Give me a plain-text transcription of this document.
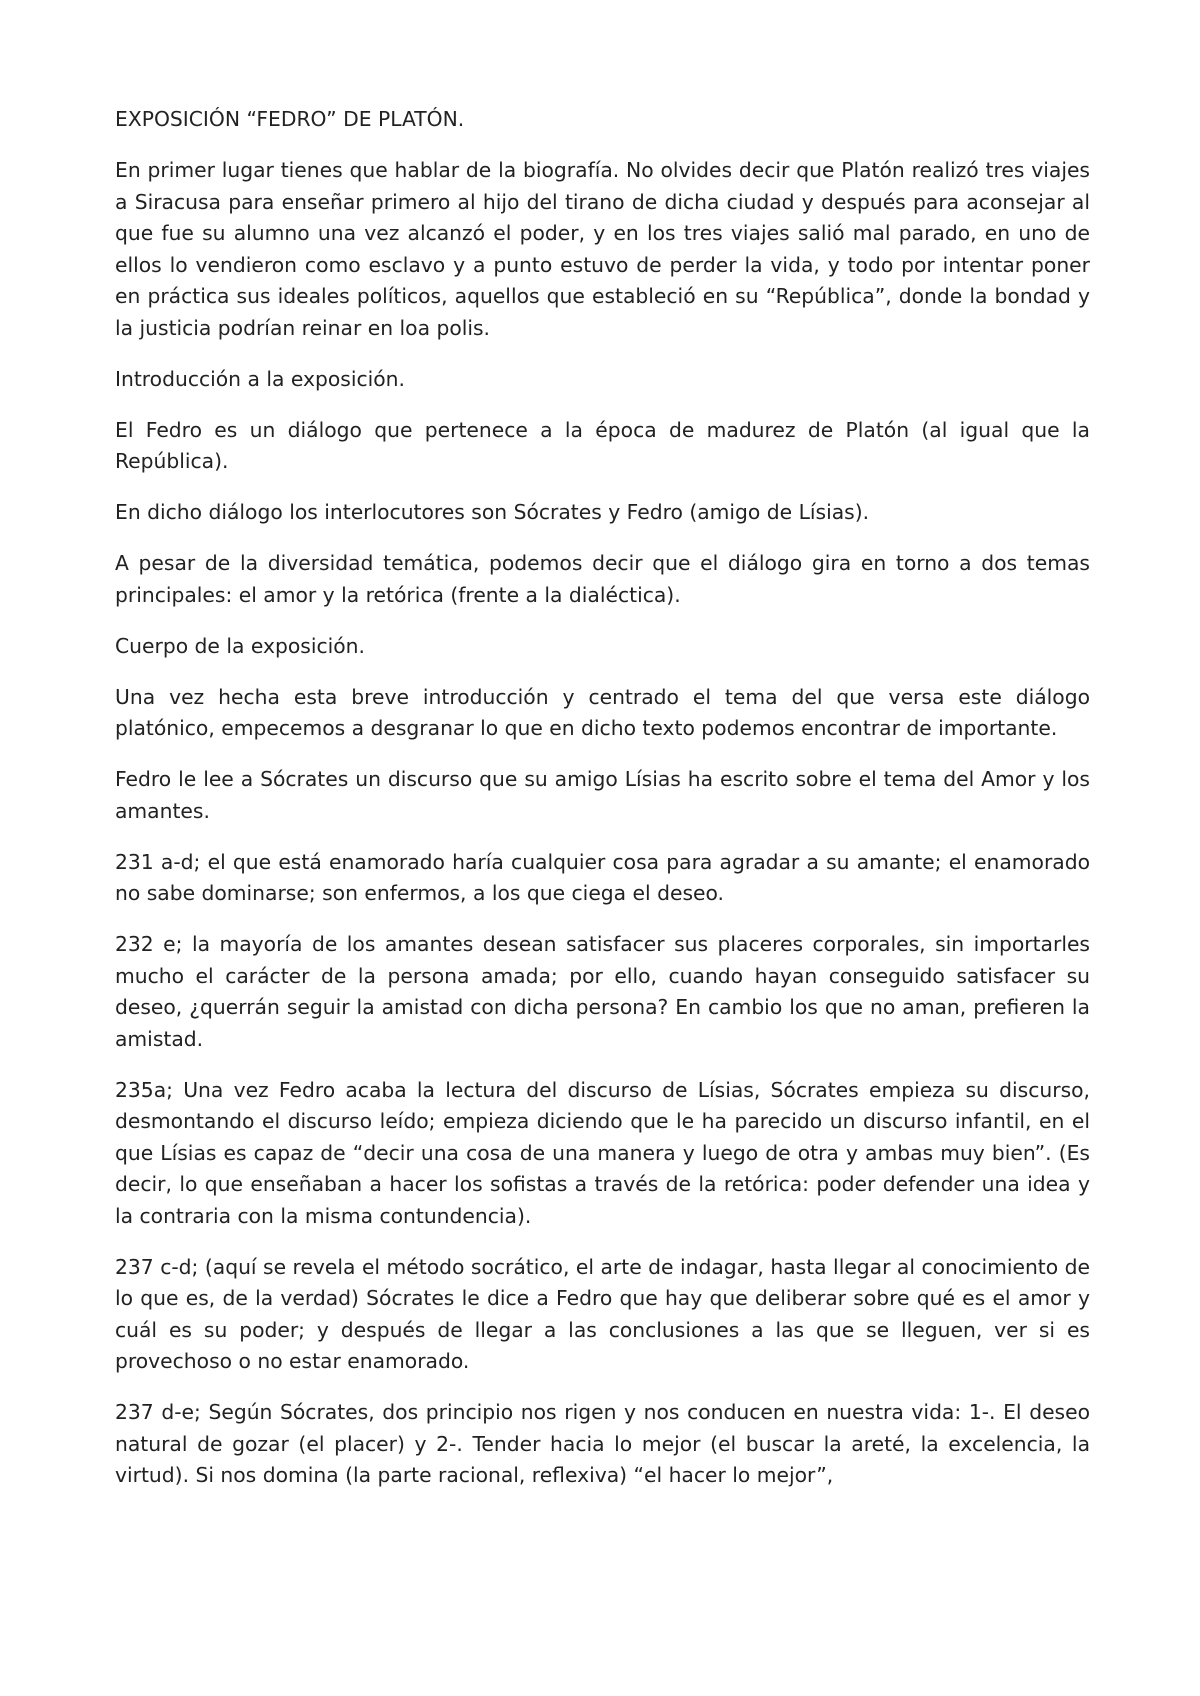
EXPOSICIÓN “FEDRO” DE PLATÓN.

En primer lugar tienes que hablar de la biografía. No olvides decir que Platón realizó tres viajes a Siracusa para enseñar primero al hijo del tirano de dicha ciudad y después para aconsejar al que fue su alumno una vez alcanzó el poder, y en los tres viajes salió mal parado, en uno de ellos lo vendieron como esclavo y a punto estuvo de perder la vida, y todo por intentar poner en práctica sus ideales políticos, aquellos que estableció en su “República”, donde la bondad y la justicia podrían reinar en loa polis.

Introducción a la exposición.

El Fedro es un diálogo que pertenece a la época de madurez de Platón (al igual que la República).

En dicho diálogo los interlocutores son Sócrates y Fedro (amigo de Lísias).

A pesar de la diversidad temática, podemos decir que el diálogo gira en torno a dos temas principales: el amor y la retórica (frente a la dialéctica).

Cuerpo de la exposición.

Una vez hecha esta breve introducción y centrado el tema del que versa este diálogo platónico, empecemos a desgranar lo que en dicho texto podemos encontrar de importante.

Fedro le lee a Sócrates un discurso que su amigo Lísias ha escrito sobre el tema del Amor y los amantes.

231 a-d; el que está enamorado haría cualquier cosa para agradar a su amante; el enamorado no sabe dominarse; son enfermos, a los que ciega el deseo.

232 e; la mayoría de los amantes desean satisfacer sus placeres corporales, sin importarles mucho el carácter de la persona amada; por ello, cuando hayan conseguido satisfacer su deseo, ¿querrán seguir la amistad con dicha persona? En cambio los que no aman, prefieren la amistad.

235a; Una vez Fedro acaba la lectura del discurso de Lísias, Sócrates empieza su discurso, desmontando el discurso leído; empieza diciendo que le ha parecido un discurso infantil, en el que Lísias es capaz de “decir una cosa de una manera y luego de otra y ambas muy bien”. (Es decir, lo que enseñaban a hacer los sofistas a través de la retórica: poder defender una idea y la contraria con la misma contundencia).

237 c-d; (aquí se revela el método socrático, el arte de indagar, hasta llegar al conocimiento de lo que es, de la verdad) Sócrates le dice a Fedro que hay que deliberar sobre qué es el amor y cuál es su poder; y después de llegar a las conclusiones a las que se lleguen, ver si es provechoso o no estar enamorado.

237 d-e; Según Sócrates, dos principio nos rigen y nos conducen en nuestra vida: 1-. El deseo natural de gozar (el placer) y 2-. Tender hacia lo mejor (el buscar la areté, la excelencia, la virtud). Si nos domina (la parte racional, reflexiva) “el hacer lo mejor”,
